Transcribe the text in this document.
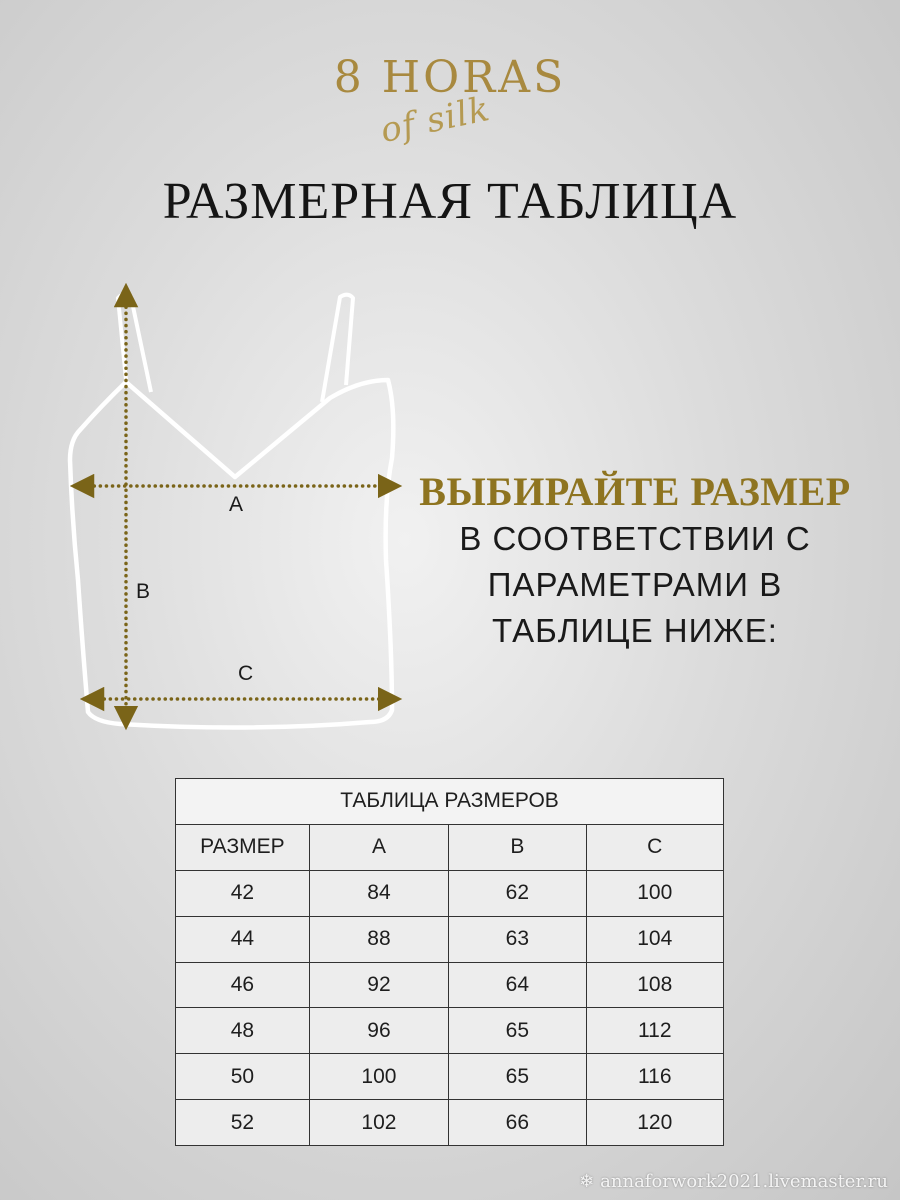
8 HORAS
of silk
РАЗМЕРНАЯ ТАБЛИЦА
A
B
C
ВЫБИРАЙТЕ РАЗМЕР
В СООТВЕТСТВИИ С
ПАРАМЕТРАМИ В
ТАБЛИЦЕ НИЖЕ:
ТАБЛИЦА РАЗМЕРОВ			
РАЗМЕР	A	B	C
42	84	62	100
44	88	63	104
46	92	64	108
48	96	65	112
50	100	65	116
52	102	66	120
❄ annaforwork2021.livemaster.ru
